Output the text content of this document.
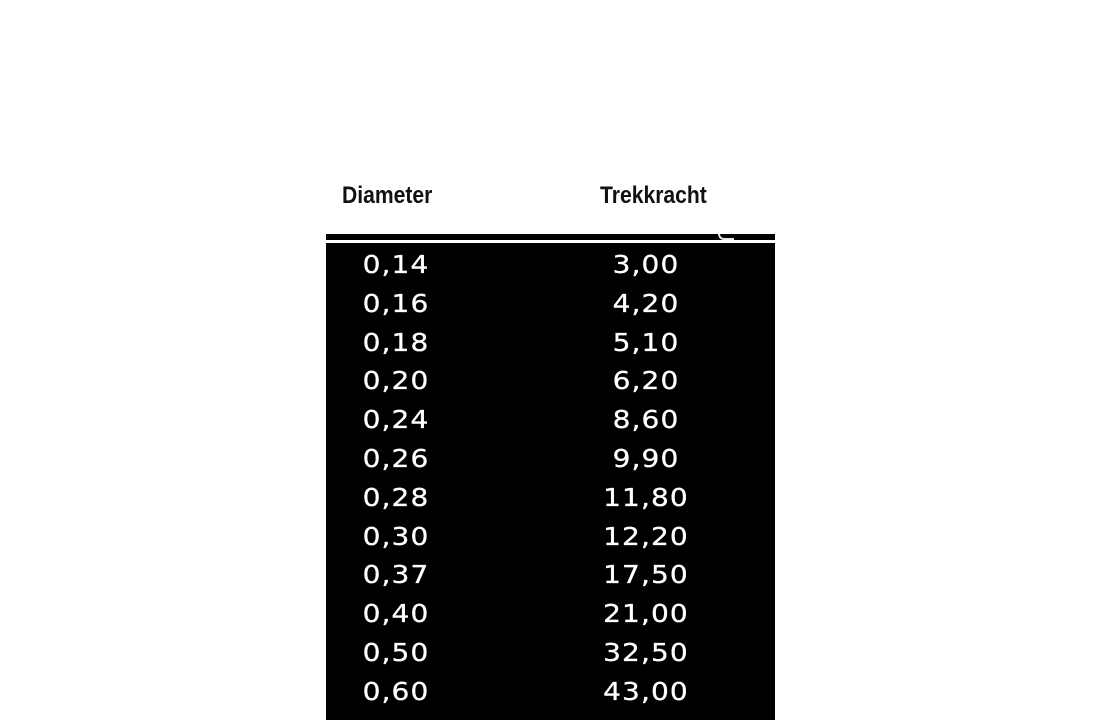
Diameter	Trekkracht
0,14	3,00
0,16	4,20
0,18	5,10
0,20	6,20
0,24	8,60
0,26	9,90
0,28	11,80
0,30	12,20
0,37	17,50
0,40	21,00
0,50	32,50
0,60	43,00
